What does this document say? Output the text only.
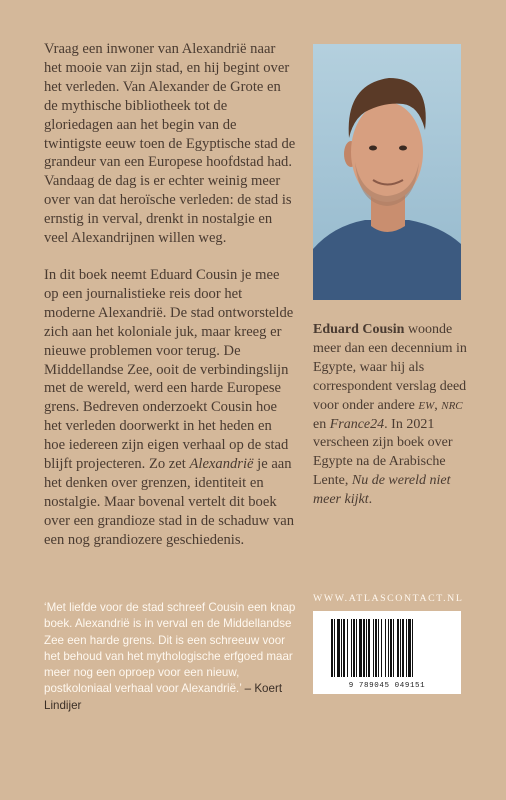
Vraag een inwoner van Alexandrië naar het mooie van zijn stad, en hij begint over het verleden. Van Alexander de Grote en de mythische bibliotheek tot de gloriedagen aan het begin van de twintigste eeuw toen de Egyptische stad de grandeur van een Europese hoofdstad had. Vandaag de dag is er echter weinig meer over van dat heroïsche verleden: de stad is ernstig in verval, drenkt in nostalgie en veel Alexandrijnen willen weg.

In dit boek neemt Eduard Cousin je mee op een journalistieke reis door het moderne Alexandrië. De stad ontworstelde zich aan het koloniale juk, maar kreeg er nieuwe problemen voor terug. De Middellandse Zee, ooit de verbindingslijn met de wereld, werd een harde Europese grens. Bedreven onderzoekt Cousin hoe het verleden doorwerkt in het heden en hoe iedereen zijn eigen verhaal op de stad blijft projecteren. Zo zet Alexandrië je aan het denken over grenzen, identiteit en nostalgie. Maar bovenal vertelt dit boek over een grandioze stad in de schaduw van een nog grandiozere geschiedenis.

‘Met liefde voor de stad schreef Cousin een knap boek. Alexandrië is in verval en de Middellandse Zee een harde grens. Dit is een schreeuw voor het behoud van het mythologische erfgoed maar meer nog een oproep voor een nieuw, postkoloniaal verhaal voor Alexandrië.’ – Koert Lindijer

Eduard Cousin woonde meer dan een decennium in Egypte, waar hij als correspondent verslag deed voor onder andere EW, NRC en France24. In 2021 verscheen zijn boek over Egypte na de Arabische Lente, Nu de wereld niet meer kijkt.

WWW.ATLASCONTACT.NL
9 789045 049151
